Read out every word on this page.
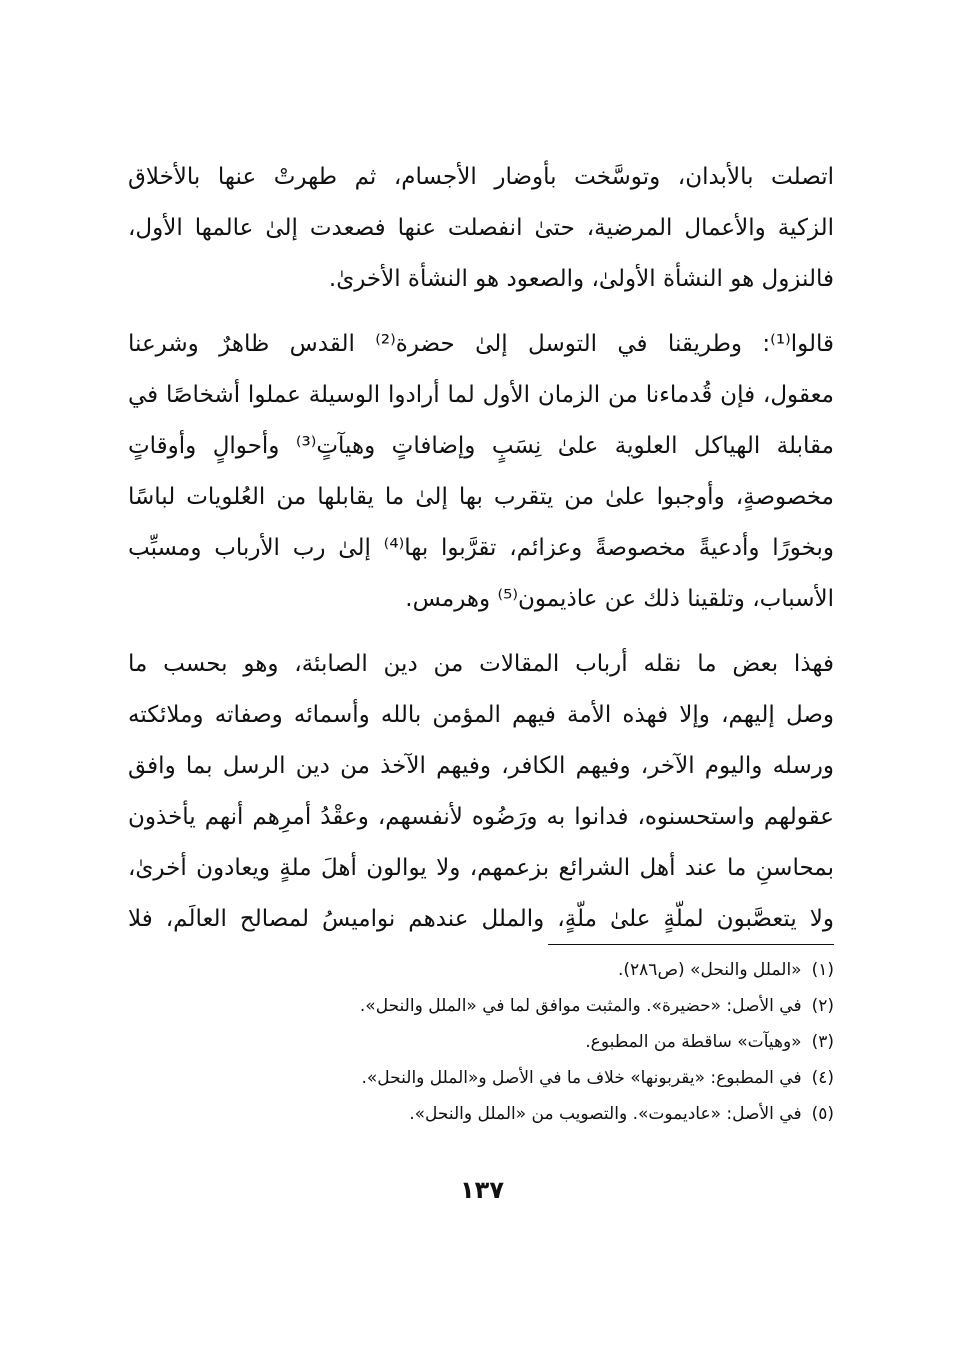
اتصلت بالأبدان، وتوسَّخت بأوضار الأجسام، ثم طهرتْ عنها بالأخلاق
الزكية والأعمال المرضية، حتىٰ انفصلت عنها فصعدت إلىٰ عالمها الأول،
فالنزول هو النشأة الأولىٰ، والصعود هو النشأة الأخرىٰ.
قالوا⁽¹⁾: وطريقنا في التوسل إلىٰ حضرة⁽²⁾ القدس ظاهرٌ وشرعنا
معقول، فإن قُدماءنا من الزمان الأول لما أرادوا الوسيلة عملوا أشخاصًا في
مقابلة الهياكل العلوية علىٰ نِسَبٍ وإضافاتٍ وهيآتٍ⁽³⁾ وأحوالٍ وأوقاتٍ
مخصوصةٍ، وأوجبوا علىٰ من يتقرب بها إلىٰ ما يقابلها من العُلويات لباسًا
وبخورًا وأدعيةً مخصوصةً وعزائم، تقرَّبوا بها⁽⁴⁾ إلىٰ رب الأرباب ومسبِّب
الأسباب، وتلقينا ذلك عن عاذيمون⁽⁵⁾ وهرمس.
فهذا بعض ما نقله أرباب المقالات من دين الصابئة، وهو بحسب ما
وصل إليهم، وإلا فهذه الأمة فيهم المؤمن بالله وأسمائه وصفاته وملائكته
ورسله واليوم الآخر، وفيهم الكافر، وفيهم الآخذ من دين الرسل بما وافق
عقولهم واستحسنوه، فدانوا به ورَضُوه لأنفسهم، وعقْدُ أمرِهم أنهم يأخذون
بمحاسنِ ما عند أهل الشرائع بزعمهم، ولا يوالون أهلَ ملةٍ ويعادون أخرىٰ،
ولا يتعصَّبون لملّةٍ علىٰ ملّةٍ، والملل عندهم نواميسُ لمصالح العالَم، فلا
(١)«الملل والنحل» (ص٢٨٦).
(٢)في الأصل: «حضيرة». والمثبت موافق لما في «الملل والنحل».
(٣)«وهيآت» ساقطة من المطبوع.
(٤)في المطبوع: «يقربونها» خلاف ما في الأصل و«الملل والنحل».
(٥)في الأصل: «عاديموت». والتصويب من «الملل والنحل».
١٣٧
